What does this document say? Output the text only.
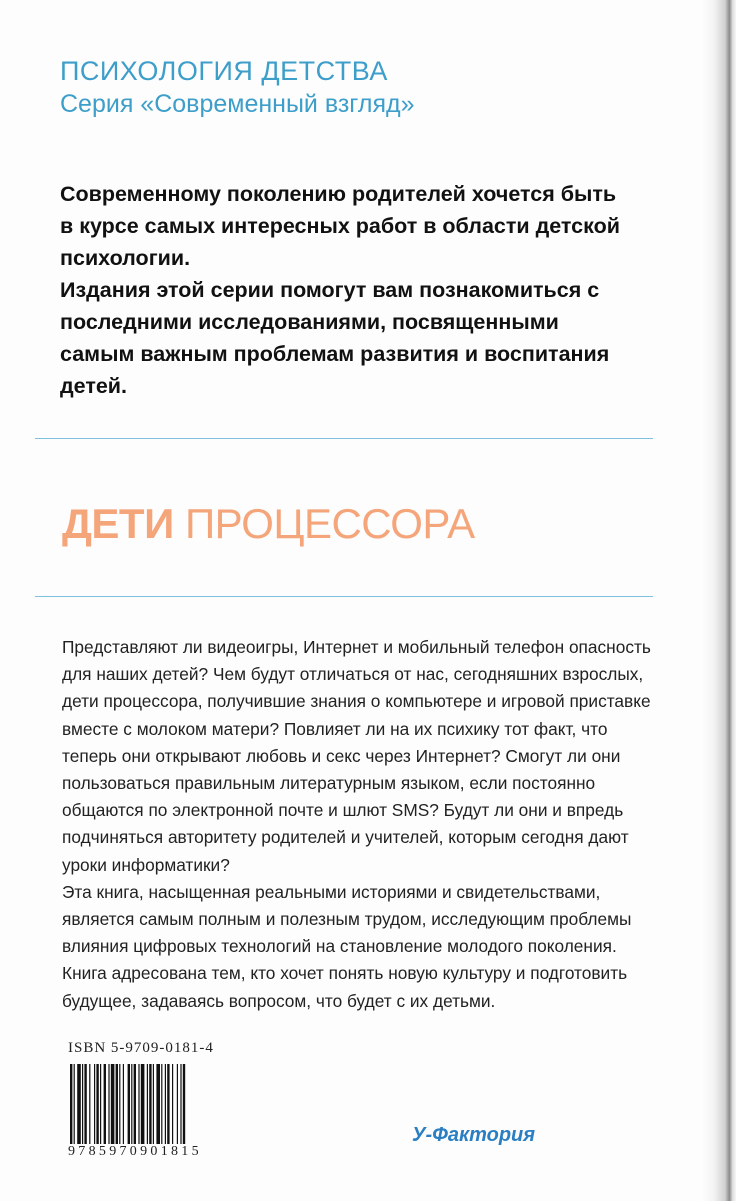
ПСИХОЛОГИЯ ДЕТСТВА
Серия «Современный взгляд»

Современному поколению родителей хочется быть в курсе самых интересных работ в области детской психологии.

Издания этой серии помогут вам познакомиться с последними исследованиями, посвященными самым важным проблемам развития и воспитания детей.

ДЕТИ ПРОЦЕССОРА

Представляют ли видеоигры, Интернет и мобильный телефон опасность для наших детей? Чем будут отличаться от нас, сегодняшних взрослых, дети процессора, получившие знания о компьютере и игровой приставке вместе с молоком матери? Повлияет ли на их психику тот факт, что теперь они открывают любовь и секс через Интернет? Смогут ли они пользоваться правильным литературным языком, если постоянно общаются по электронной почте и шлют SMS? Будут ли они и впредь подчиняться авторитету родителей и учителей, которым сегодня дают уроки информатики?

Эта книга, насыщенная реальными историями и свидетельствами, является самым полным и полезным трудом, исследующим проблемы влияния цифровых технологий на становление молодого поколения. Книга адресована тем, кто хочет понять новую культуру и подготовить будущее, задаваясь вопросом, что будет с их детьми.

ISBN 5-9709-0181-4
9785970901815
У-Фактория
